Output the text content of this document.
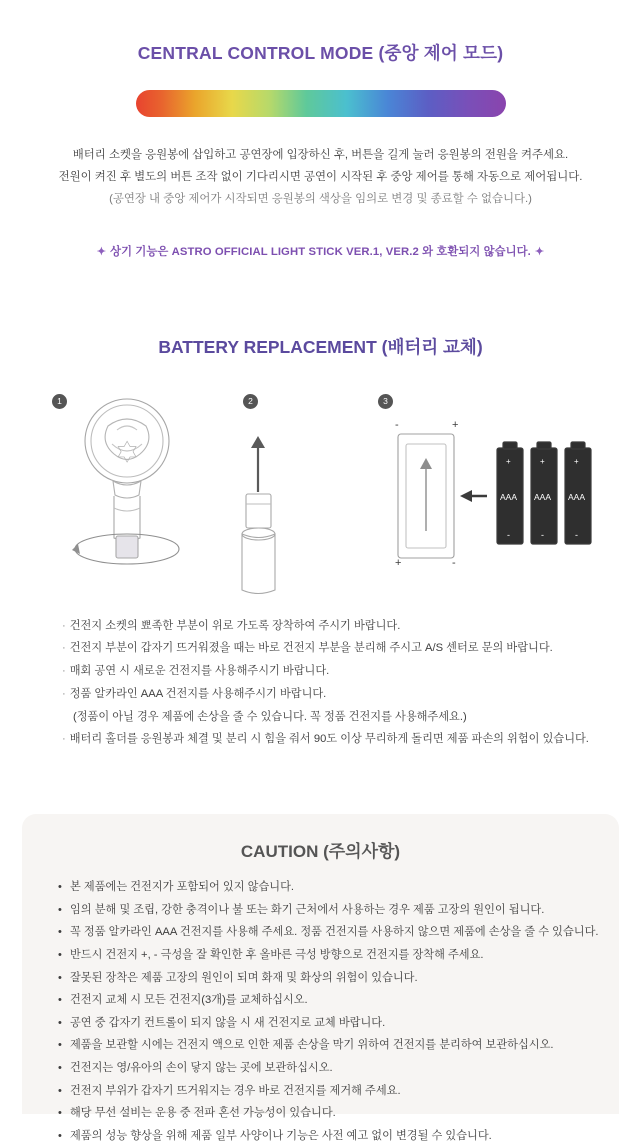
CENTRAL CONTROL MODE (중앙 제어 모드)
배터리 소켓을 응원봉에 삽입하고 공연장에 입장하신 후, 버튼을 길게 눌러 응원봉의 전원을 켜주세요.
전원이 켜진 후 별도의 버튼 조작 없이 기다리시면 공연이 시작된 후 중앙 제어를 통해 자동으로 제어됩니다.
(공연장 내 중앙 제어가 시작되면 응원봉의 색상을 임의로 변경 및 종료할 수 없습니다.)
✦ 상기 기능은 ASTRO OFFICIAL LIGHT STICK VER.1, VER.2 와 호환되지 않습니다. ✦
BATTERY REPLACEMENT (배터리 교체)
1	2	3
-	+
+	-
+	+	+
AAA AAA AAA
-	-	-
· 건전지 소켓의 뾰족한 부분이 위로 가도록 장착하여 주시기 바랍니다.
· 건전지 부분이 갑자기 뜨거워졌을 때는 바로 건전지 부분을 분리해 주시고 A/S 센터로 문의 바랍니다.
· 매회 공연 시 새로운 건전지를 사용해주시기 바랍니다.
· 정품 알카라인 AAA 건전지를 사용해주시기 바랍니다.
(정품이 아닐 경우 제품에 손상을 줄 수 있습니다. 꼭 정품 건전지를 사용해주세요.)
· 배터리 홀더를 응원봉과 체결 및 분리 시 힘을 줘서 90도 이상 무리하게 돌리면 제품 파손의 위험이 있습니다.
CAUTION (주의사항)
• 본 제품에는 건전지가 포함되어 있지 않습니다.
• 임의 분해 및 조립, 강한 충격이나 불 또는 화기 근처에서 사용하는 경우 제품 고장의 원인이 됩니다.
• 꼭 정품 알카라인 AAA 건전지를 사용해 주세요. 정품 건전지를 사용하지 않으면 제품에 손상을 줄 수 있습니다.
• 반드시 건전지 +, - 극성을 잘 확인한 후 올바른 극성 방향으로 건전지를 장착해 주세요.
• 잘못된 장착은 제품 고장의 원인이 되며 화재 및 화상의 위험이 있습니다.
• 건전지 교체 시 모든 건전지(3개)를 교체하십시오.
• 공연 중 갑자기 컨트롤이 되지 않을 시 새 건전지로 교체 바랍니다.
• 제품을 보관할 시에는 건전지 액으로 인한 제품 손상을 막기 위하여 건전지를 분리하여 보관하십시오.
• 건전지는 영/유아의 손이 닿지 않는 곳에 보관하십시오.
• 건전지 부위가 갑자기 뜨거워지는 경우 바로 건전지를 제거해 주세요.
• 해당 무선 설비는 운용 중 전파 혼선 가능성이 있습니다.
• 제품의 성능 향상을 위해 제품 일부 사양이나 기능은 사전 예고 없이 변경될 수 있습니다.
